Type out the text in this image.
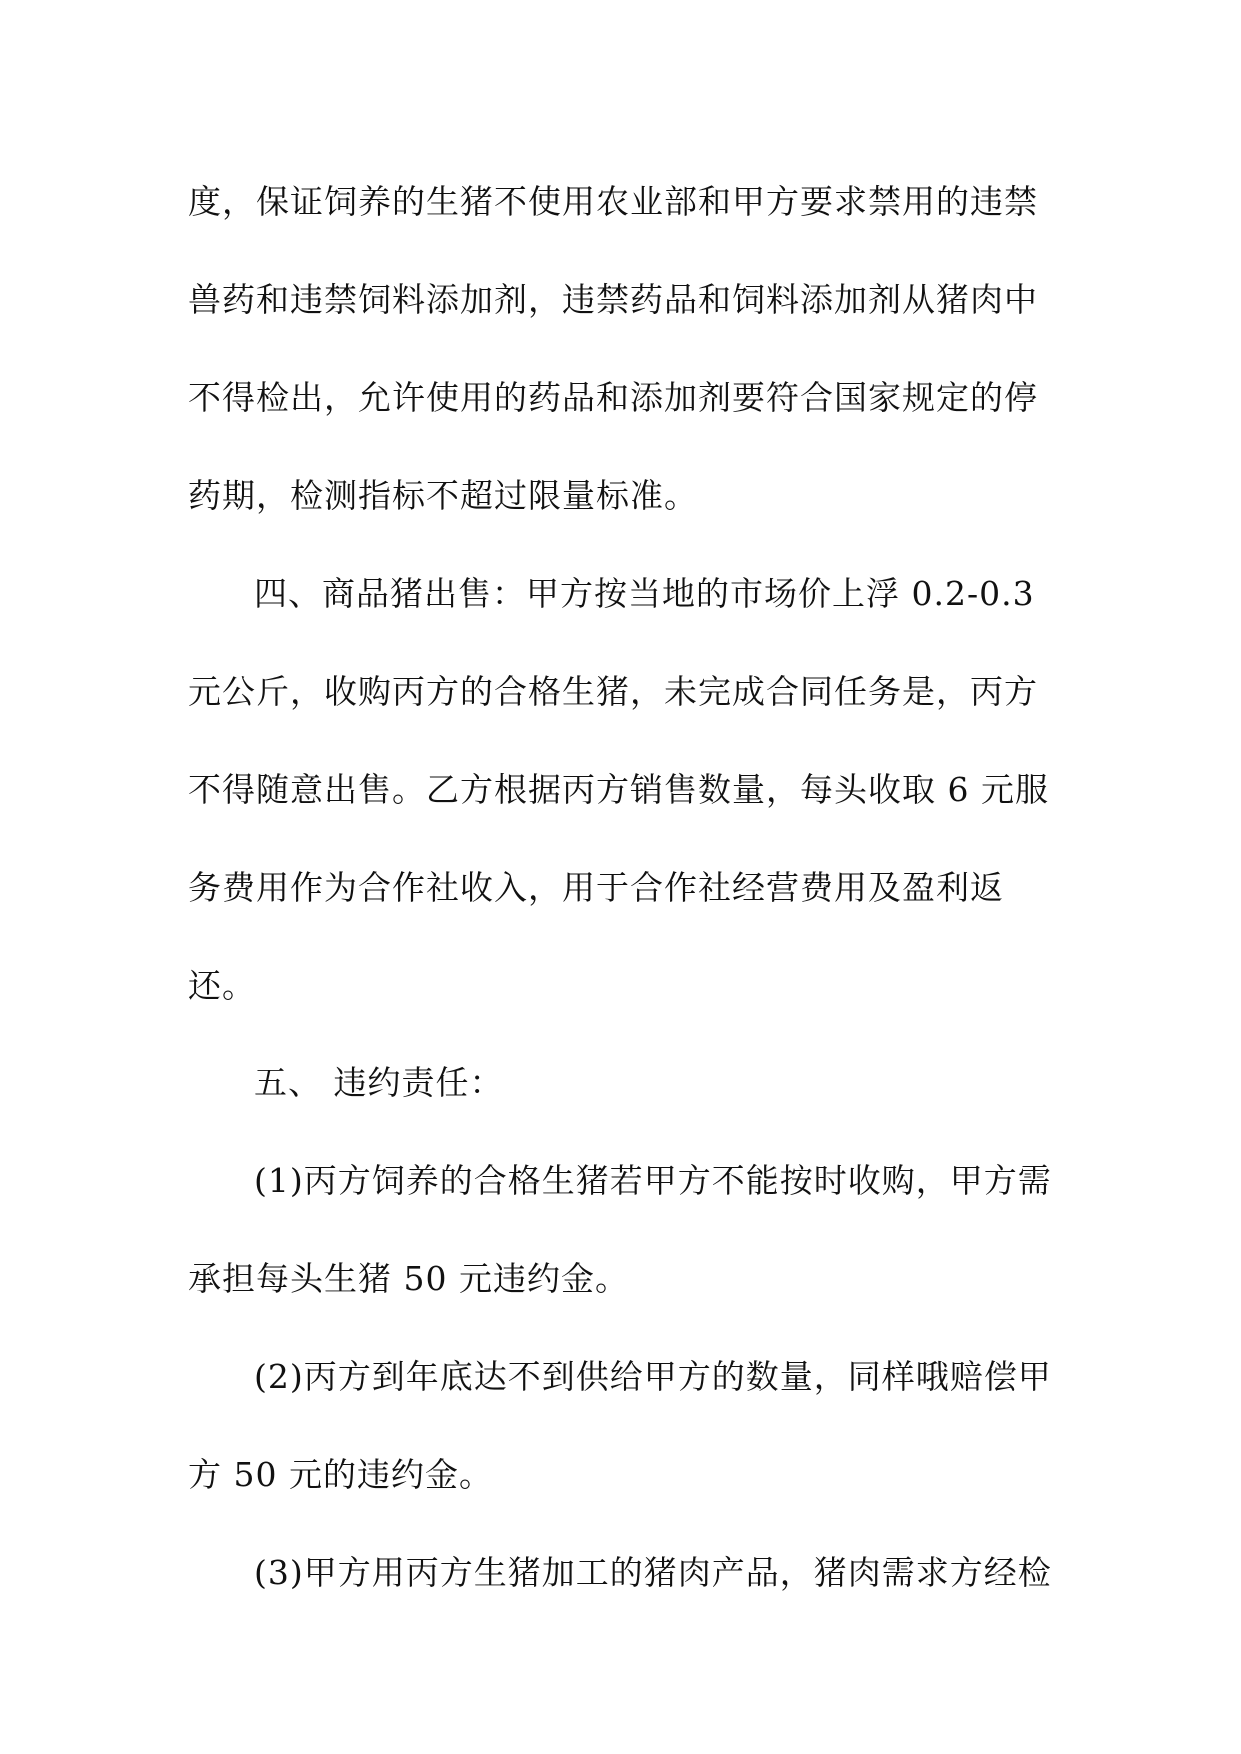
度，保证饲养的生猪不使用农业部和甲方要求禁用的违禁
兽药和违禁饲料添加剂，违禁药品和饲料添加剂从猪肉中
不得检出，允许使用的药品和添加剂要符合国家规定的停
药期，检测指标不超过限量标准。
四、商品猪出售：甲方按当地的市场价上浮 0.2-0.3
元公斤，收购丙方的合格生猪，未完成合同任务是，丙方
不得随意出售。乙方根据丙方销售数量，每头收取 6 元服
务费用作为合作社收入，用于合作社经营费用及盈利返
还。
五、 违约责任：
(1)丙方饲养的合格生猪若甲方不能按时收购，甲方需
承担每头生猪 50 元违约金。
(2)丙方到年底达不到供给甲方的数量，同样哦赔偿甲
方 50 元的违约金。
(3)甲方用丙方生猪加工的猪肉产品，猪肉需求方经检
